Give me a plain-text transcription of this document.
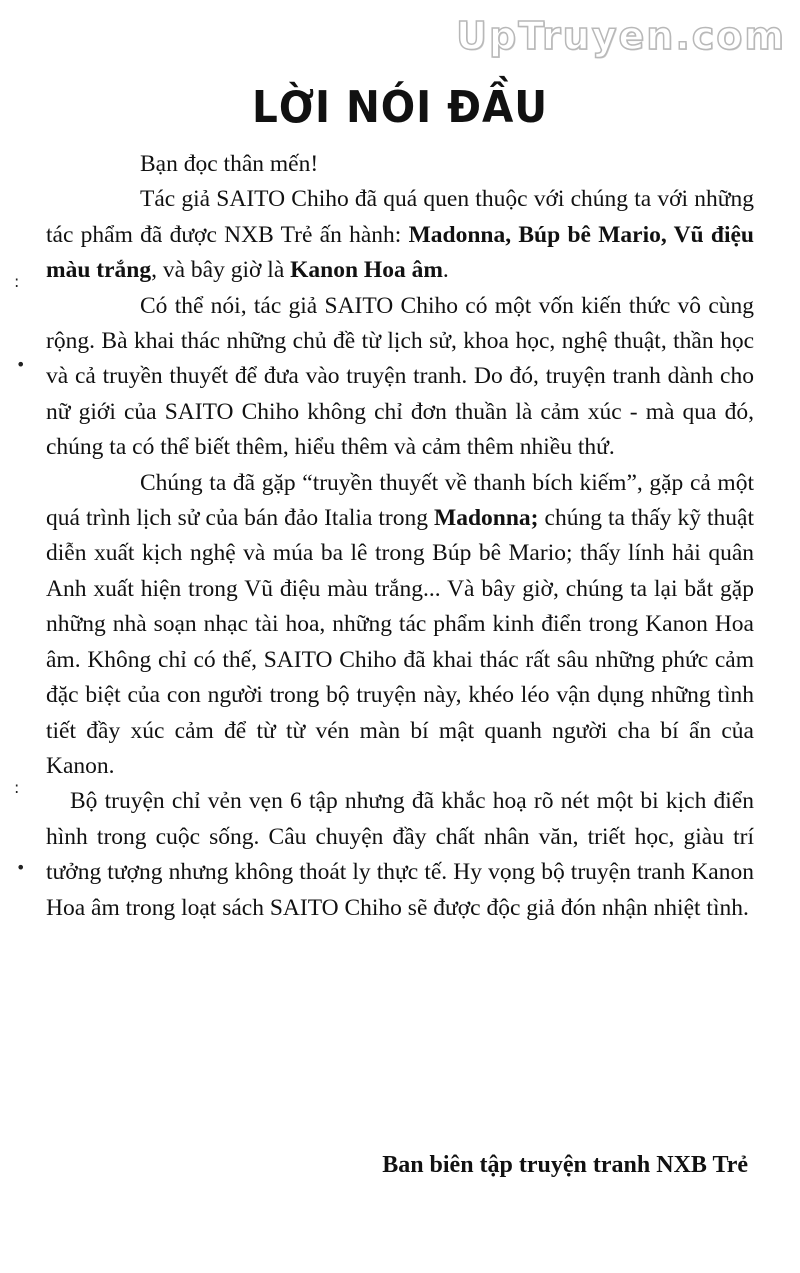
UpTruyen.com
LỜI NÓI ĐẦU

Bạn đọc thân mến!

Tác giả SAITO Chiho đã quá quen thuộc với chúng ta với những tác phẩm đã được NXB Trẻ ấn hành: Madonna, Búp bê Mario, Vũ điệu màu trắng, và bây giờ là Kanon Hoa âm.

Có thể nói, tác giả SAITO Chiho có một vốn kiến thức vô cùng rộng. Bà khai thác những chủ đề từ lịch sử, khoa học, nghệ thuật, thần học và cả truyền thuyết để đưa vào truyện tranh. Do đó, truyện tranh dành cho nữ giới của SAITO Chiho không chỉ đơn thuần là cảm xúc - mà qua đó, chúng ta có thể biết thêm, hiểu thêm và cảm thêm nhiều thứ.

Chúng ta đã gặp “truyền thuyết về thanh bích kiếm”, gặp cả một quá trình lịch sử của bán đảo Italia trong Madonna; chúng ta thấy kỹ thuật diễn xuất kịch nghệ và múa ba lê trong Búp bê Mario; thấy lính hải quân Anh xuất hiện trong Vũ điệu màu trắng... Và bây giờ, chúng ta lại bắt gặp những nhà soạn nhạc tài hoa, những tác phẩm kinh điển trong Kanon Hoa âm. Không chỉ có thế, SAITO Chiho đã khai thác rất sâu những phức cảm đặc biệt của con người trong bộ truyện này, khéo léo vận dụng những tình tiết đầy xúc cảm để từ từ vén màn bí mật quanh người cha bí ẩn của Kanon.

Bộ truyện chỉ vẻn vẹn 6 tập nhưng đã khắc hoạ rõ nét một bi kịch điển hình trong cuộc sống. Câu chuyện đầy chất nhân văn, triết học, giàu trí tưởng tượng nhưng không thoát ly thực tế. Hy vọng bộ truyện tranh Kanon Hoa âm trong loạt sách SAITO Chiho sẽ được độc giả đón nhận nhiệt tình.

Ban biên tập truyện tranh NXB Trẻ
꞉
•
꞉
•
